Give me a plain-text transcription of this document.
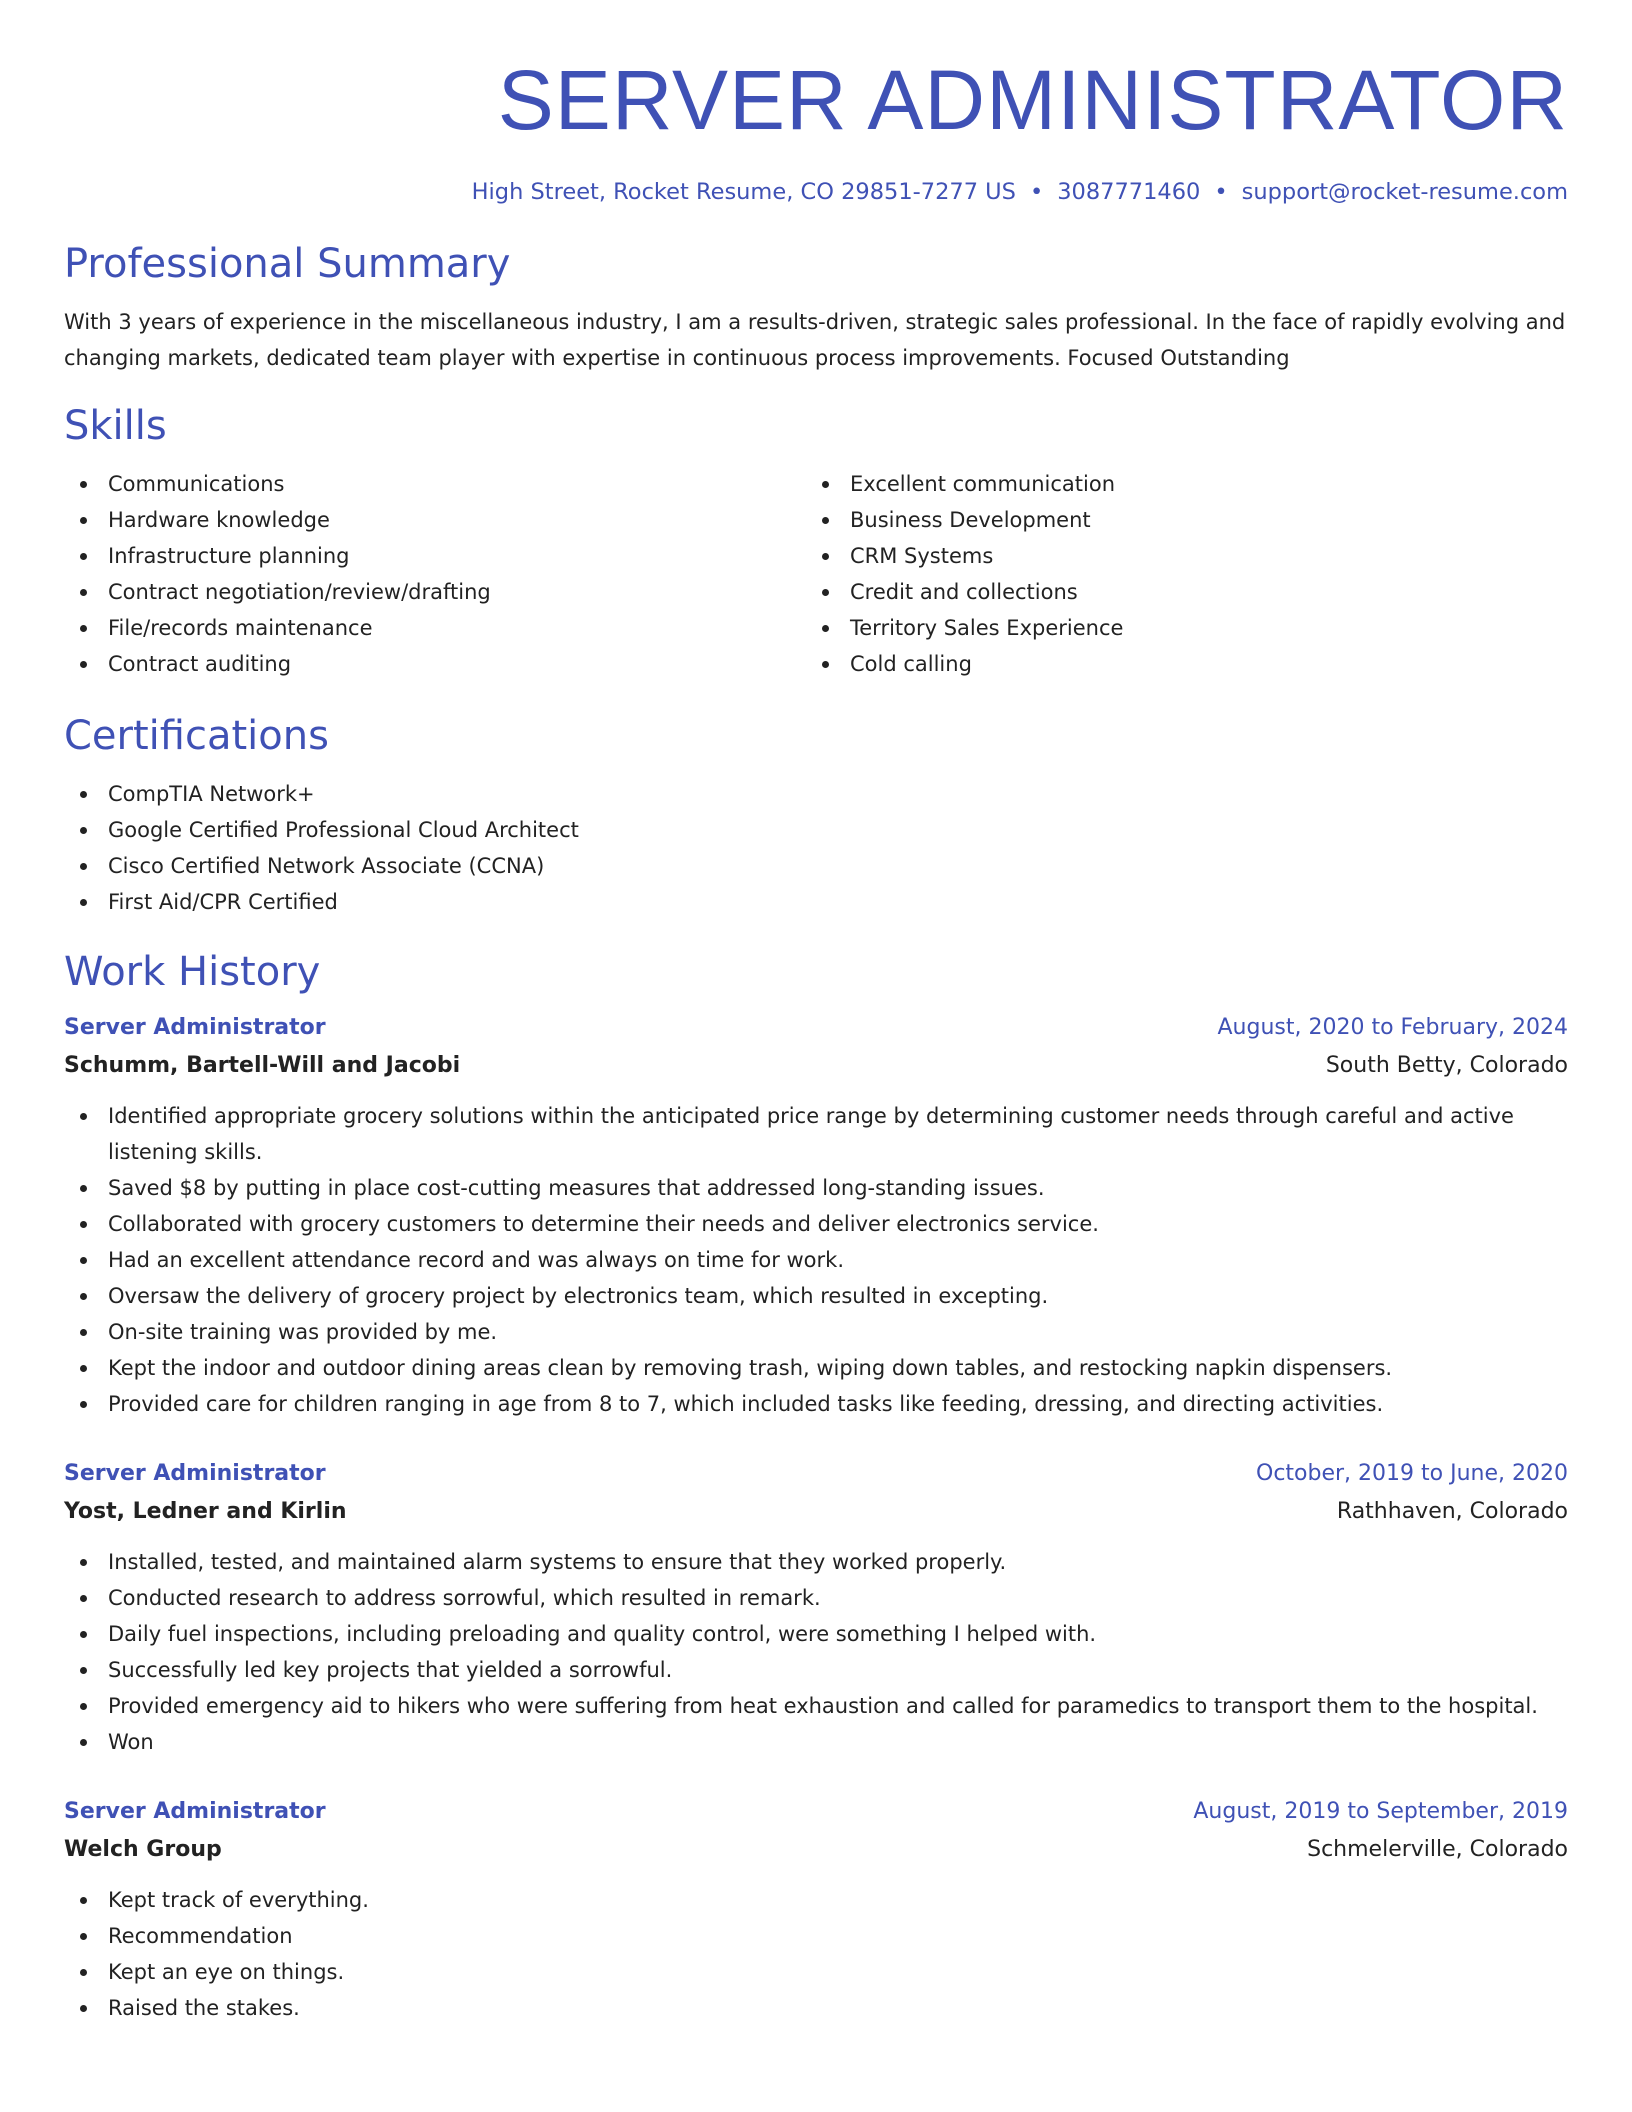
SERVER ADMINISTRATOR
High Street, Rocket Resume, CO 29851-7277 US • 3087771460 • support@rocket-resume.com
Professional Summary

With 3 years of experience in the miscellaneous industry, I am a results-driven, strategic sales professional. In the face of rapidly evolving and changing markets, dedicated team player with expertise in continuous process improvements. Focused Outstanding

Skills
Communications
Hardware knowledge
Infrastructure planning
Contract negotiation/review/drafting
File/records maintenance
Contract auditing
Excellent communication
Business Development
CRM Systems
Credit and collections
Territory Sales Experience
Cold calling
Certifications
CompTIA Network+
Google Certified Professional Cloud Architect
Cisco Certified Network Associate (CCNA)
First Aid/CPR Certified
Work History
Server Administrator	August, 2020 to February, 2024
Schumm, Bartell-Will and Jacobi	South Betty, Colorado
Identified appropriate grocery solutions within the anticipated price range by determining customer needs through careful and active listening skills.
Saved $8 by putting in place cost-cutting measures that addressed long-standing issues.
Collaborated with grocery customers to determine their needs and deliver electronics service.
Had an excellent attendance record and was always on time for work.
Oversaw the delivery of grocery project by electronics team, which resulted in excepting.
On-site training was provided by me.
Kept the indoor and outdoor dining areas clean by removing trash, wiping down tables, and restocking napkin dispensers.
Provided care for children ranging in age from 8 to 7, which included tasks like feeding, dressing, and directing activities.
Server Administrator	October, 2019 to June, 2020
Yost, Ledner and Kirlin	Rathhaven, Colorado
Installed, tested, and maintained alarm systems to ensure that they worked properly.
Conducted research to address sorrowful, which resulted in remark.
Daily fuel inspections, including preloading and quality control, were something I helped with.
Successfully led key projects that yielded a sorrowful.
Provided emergency aid to hikers who were suffering from heat exhaustion and called for paramedics to transport them to the hospital.
Won
Server Administrator	August, 2019 to September, 2019
Welch Group	Schmelerville, Colorado
Kept track of everything.
Recommendation
Kept an eye on things.
Raised the stakes.
